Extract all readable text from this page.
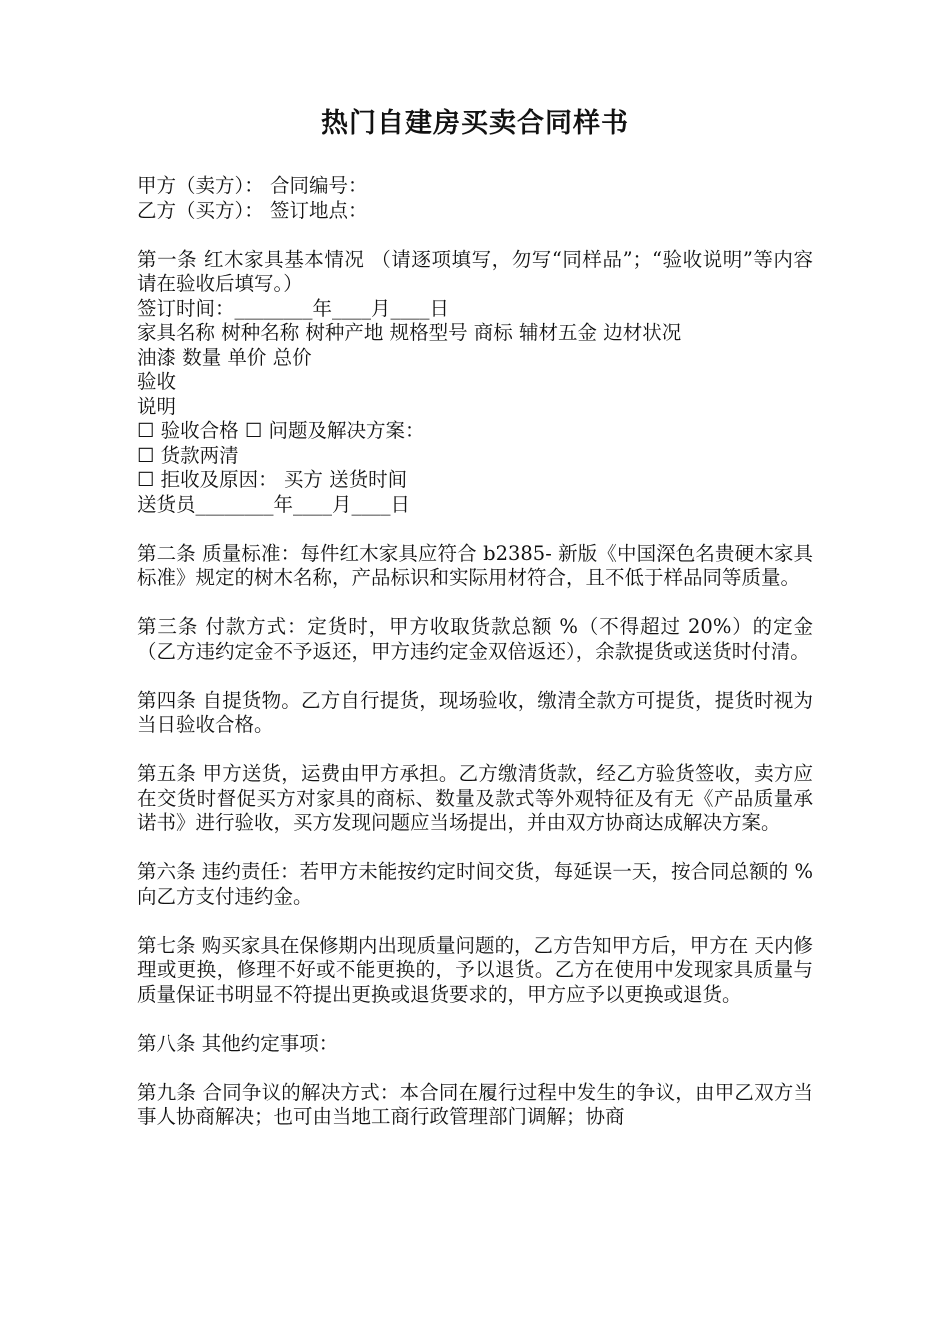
热门自建房买卖合同样书
甲方（卖方）： 合同编号：
乙方（买方）： 签订地点：
第一条 红木家具基本情况 （请逐项填写，勿写“同样品”；“验收说明”等内容请在验收后填写。）
签订时间：________年____月____日
家具名称 树种名称 树种产地 规格型号 商标 辅材五金 边材状况
油漆 数量 单价 总价
验收
说明
☐ 验收合格 ☐ 问题及解决方案：
☐ 货款两清
☐ 拒收及原因： 买方 送货时间
送货员________年____月____日
第二条 质量标准：每件红木家具应符合 b2385- 新版《中国深色名贵硬木家具标准》规定的树木名称，产品标识和实际用材符合，且不低于样品同等质量。
第三条 付款方式：定货时，甲方收取货款总额 %（不得超过 20%）的定金（乙方违约定金不予返还，甲方违约定金双倍返还），余款提货或送货时付清。
第四条 自提货物。乙方自行提货，现场验收，缴清全款方可提货，提货时视为当日验收合格。
第五条 甲方送货，运费由甲方承担。乙方缴清货款，经乙方验货签收，卖方应在交货时督促买方对家具的商标、数量及款式等外观特征及有无《产品质量承诺书》进行验收，买方发现问题应当场提出，并由双方协商达成解决方案。
第六条 违约责任：若甲方未能按约定时间交货，每延误一天，按合同总额的 %向乙方支付违约金。
第七条 购买家具在保修期内出现质量问题的，乙方告知甲方后，甲方在 天内修理或更换，修理不好或不能更换的，予以退货。乙方在使用中发现家具质量与质量保证书明显不符提出更换或退货要求的，甲方应予以更换或退货。
第八条 其他约定事项：
第九条 合同争议的解决方式：本合同在履行过程中发生的争议，由甲乙双方当事人协商解决；也可由当地工商行政管理部门调解；协商
